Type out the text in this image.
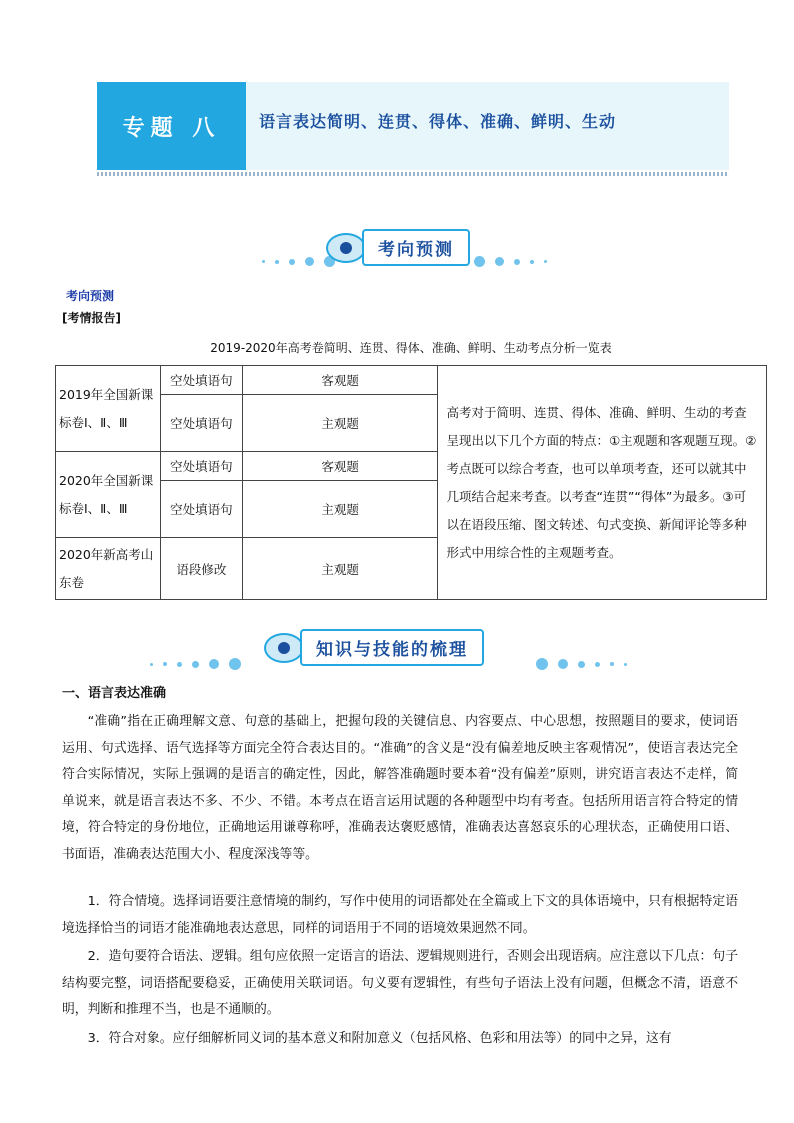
专题 八	语言表达简明、连贯、得体、准确、鲜明、生动
考向预测
考向预测
[考情报告]
2019-2020年高考卷简明、连贯、得体、准确、鲜明、生动考点分析一览表
2019年全国新课标卷Ⅰ、Ⅱ、Ⅲ	空处填语句	客观题	高考对于简明、连贯、得体、准确、鲜明、生动的考查呈现出以下几个方面的特点：①主观题和客观题互现。②考点既可以综合考查，也可以单项考查，还可以就其中几项结合起来考查。以考查“连贯”“得体”为最多。③可以在语段压缩、图文转述、句式变换、新闻评论等多种形式中用综合性的主观题考查。
	空处填语句	主观题	
2020年全国新课标卷Ⅰ、Ⅱ、Ⅲ	空处填语句	客观题	
	空处填语句	主观题	
2020年新高考山东卷	语段修改	主观题	
知识与技能的梳理
一、语言表达准确
“准确”指在正确理解文意、句意的基础上，把握句段的关键信息、内容要点、中心思想，按照题目的要求，使词语运用、句式选择、语气选择等方面完全符合表达目的。“准确”的含义是“没有偏差地反映主客观情况”，使语言表达完全符合实际情况，实际上强调的是语言的确定性，因此，解答准确题时要本着“没有偏差”原则，讲究语言表达不走样，简单说来，就是语言表达不多、不少、不错。本考点在语言运用试题的各种题型中均有考查。包括所用语言符合特定的情境，符合特定的身份地位，正确地运用谦尊称呼，准确表达褒贬感情，准确表达喜怒哀乐的心理状态，正确使用口语、书面语，准确表达范围大小、程度深浅等等。
1．符合情境。选择词语要注意情境的制约，写作中使用的词语都处在全篇或上下文的具体语境中，只有根据特定语境选择恰当的词语才能准确地表达意思，同样的词语用于不同的语境效果迥然不同。
2．造句要符合语法、逻辑。组句应依照一定语言的语法、逻辑规则进行，否则会出现语病。应注意以下几点：句子结构要完整，词语搭配要稳妥，正确使用关联词语。句义要有逻辑性，有些句子语法上没有问题，但概念不清，语意不明，判断和推理不当，也是不通顺的。
3．符合对象。应仔细解析同义词的基本意义和附加意义（包括风格、色彩和用法等）的同中之异，这有
